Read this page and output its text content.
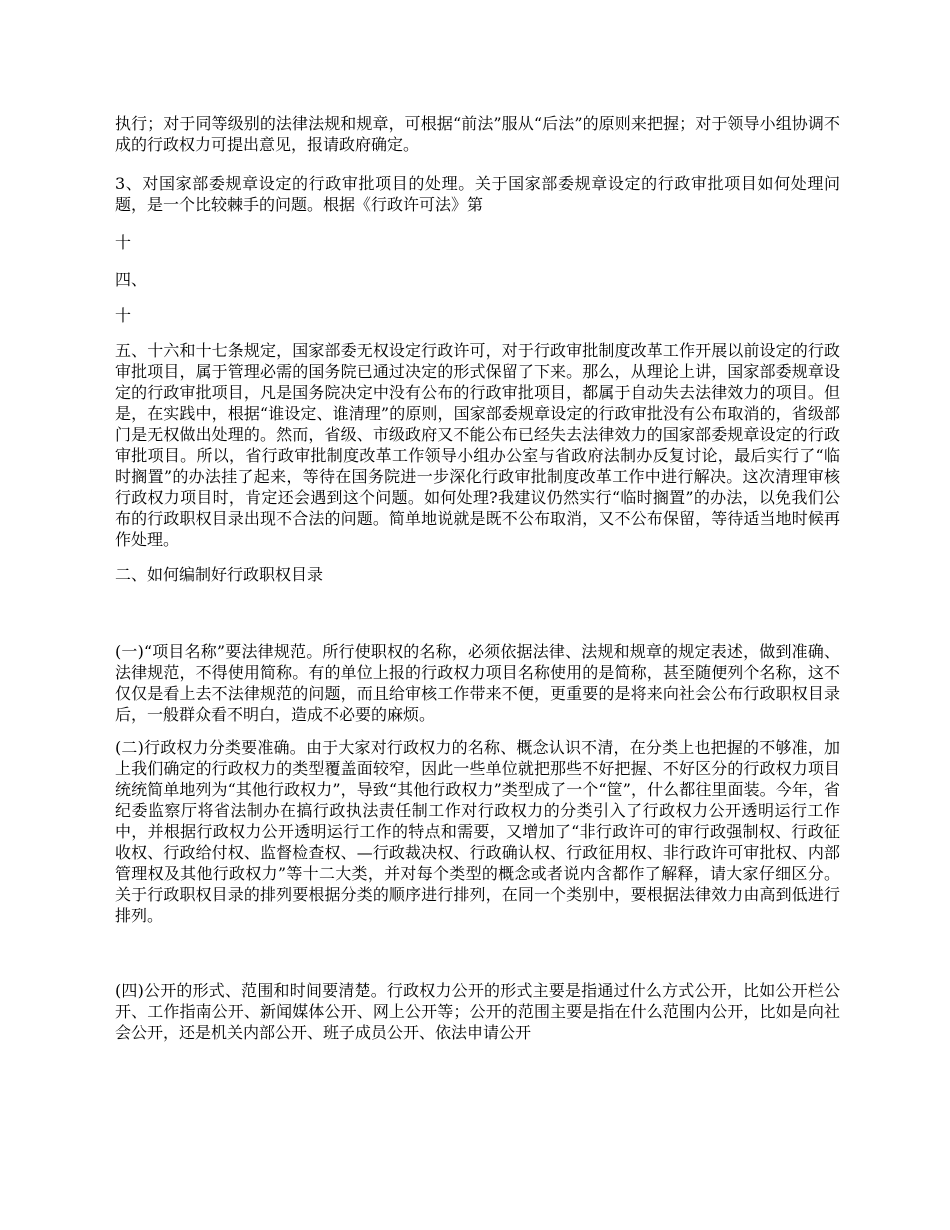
执行；对于同等级别的法律法规和规章，可根据“前法”服从“后法”的原则来把握；对于领导小组协调不成的行政权力可提出意见，报请政府确定。

3、对国家部委规章设定的行政审批项目的处理。关于国家部委规章设定的行政审批项目如何处理问题，是一个比较棘手的问题。根据《行政许可法》第

十

四、

十

五、十六和十七条规定，国家部委无权设定行政许可，对于行政审批制度改革工作开展以前设定的行政审批项目，属于管理必需的国务院已通过决定的形式保留了下来。那么，从理论上讲，国家部委规章设定的行政审批项目，凡是国务院决定中没有公布的行政审批项目，都属于自动失去法律效力的项目。但是，在实践中，根据“谁设定、谁清理”的原则，国家部委规章设定的行政审批没有公布取消的，省级部门是无权做出处理的。然而，省级、市级政府又不能公布已经失去法律效力的国家部委规章设定的行政审批项目。所以，省行政审批制度改革工作领导小组办公室与省政府法制办反复讨论，最后实行了“临时搁置”的办法挂了起来，等待在国务院进一步深化行政审批制度改革工作中进行解决。这次清理审核行政权力项目时，肯定还会遇到这个问题。如何处理?我建议仍然实行“临时搁置”的办法，以免我们公布的行政职权目录出现不合法的问题。简单地说就是既不公布取消，又不公布保留，等待适当地时候再作处理。

二、如何编制好行政职权目录

(一)“项目名称”要法律规范。所行使职权的名称，必须依据法律、法规和规章的规定表述，做到准确、法律规范，不得使用简称。有的单位上报的行政权力项目名称使用的是简称，甚至随便列个名称，这不仅仅是看上去不法律规范的问题，而且给审核工作带来不便，更重要的是将来向社会公布行政职权目录后，一般群众看不明白，造成不必要的麻烦。

(二)行政权力分类要准确。由于大家对行政权力的名称、概念认识不清，在分类上也把握的不够准，加上我们确定的行政权力的类型覆盖面较窄，因此一些单位就把那些不好把握、不好区分的行政权力项目统统简单地列为“其他行政权力”，导致“其他行政权力”类型成了一个“筐”，什么都往里面装。今年，省纪委监察厅将省法制办在搞行政执法责任制工作对行政权力的分类引入了行政权力公开透明运行工作中，并根据行政权力公开透明运行工作的特点和需要，又增加了“非行政许可的审行政强制权、行政征收权、行政给付权、监督检查权、—行政裁决权、行政确认权、行政征用权、非行政许可审批权、内部管理权及其他行政权力”等十二大类，并对每个类型的概念或者说内含都作了解释，请大家仔细区分。关于行政职权目录的排列要根据分类的顺序进行排列，在同一个类别中，要根据法律效力由高到低进行排列。

(四)公开的形式、范围和时间要清楚。行政权力公开的形式主要是指通过什么方式公开，比如公开栏公开、工作指南公开、新闻媒体公开、网上公开等；公开的范围主要是指在什么范围内公开，比如是向社会公开，还是机关内部公开、班子成员公开、依法申请公开
